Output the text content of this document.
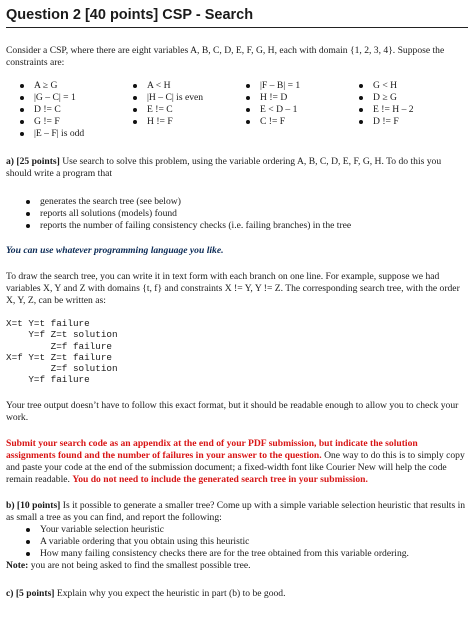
Question 2 [40 points] CSP - Search

Consider a CSP, where there are eight variables A, B, C, D, E, F, G, H, each with domain {1, 2, 3, 4}. Suppose the constraints are:

A ≥ G
|G – C| = 1
D != C
G != F
|E – F| is odd
A < H
|H – C| is even
E != C
H != F
|F – B| = 1
H != D
E < D – 1
C != F
G < H
D ≥ G
E != H – 2
D != F

a) [25 points] Use search to solve this problem, using the variable ordering A, B, C, D, E, F, G, H. To do this you should write a program that

generates the search tree (see below)
reports all solutions (models) found
reports the number of failing consistency checks (i.e. failing branches) in the tree

You can use whatever programming language you like.

To draw the search tree, you can write it in text form with each branch on one line. For example, suppose we had variables X, Y and Z with domains {t, f} and constraints X != Y, Y != Z. The corresponding search tree, with the order X, Y, Z, can be written as:

X=t Y=t failure
Y=f Z=t solution
Z=f failure
X=f Y=t Z=t failure
Z=f solution
Y=f failure

Your tree output doesn’t have to follow this exact format, but it should be readable enough to allow you to check your work.

Submit your search code as an appendix at the end of your PDF submission, but indicate the solution assignments found and the number of failures in your answer to the question. One way to do this is to simply copy and paste your code at the end of the submission document; a fixed-width font like Courier New will help the code remain readable. You do not need to include the generated search tree in your submission.

b) [10 points] Is it possible to generate a smaller tree? Come up with a simple variable selection heuristic that results in as small a tree as you can find, and report the following:

Your variable selection heuristic
A variable ordering that you obtain using this heuristic
How many failing consistency checks there are for the tree obtained from this variable ordering.

Note: you are not being asked to find the smallest possible tree.

c) [5 points] Explain why you expect the heuristic in part (b) to be good.
